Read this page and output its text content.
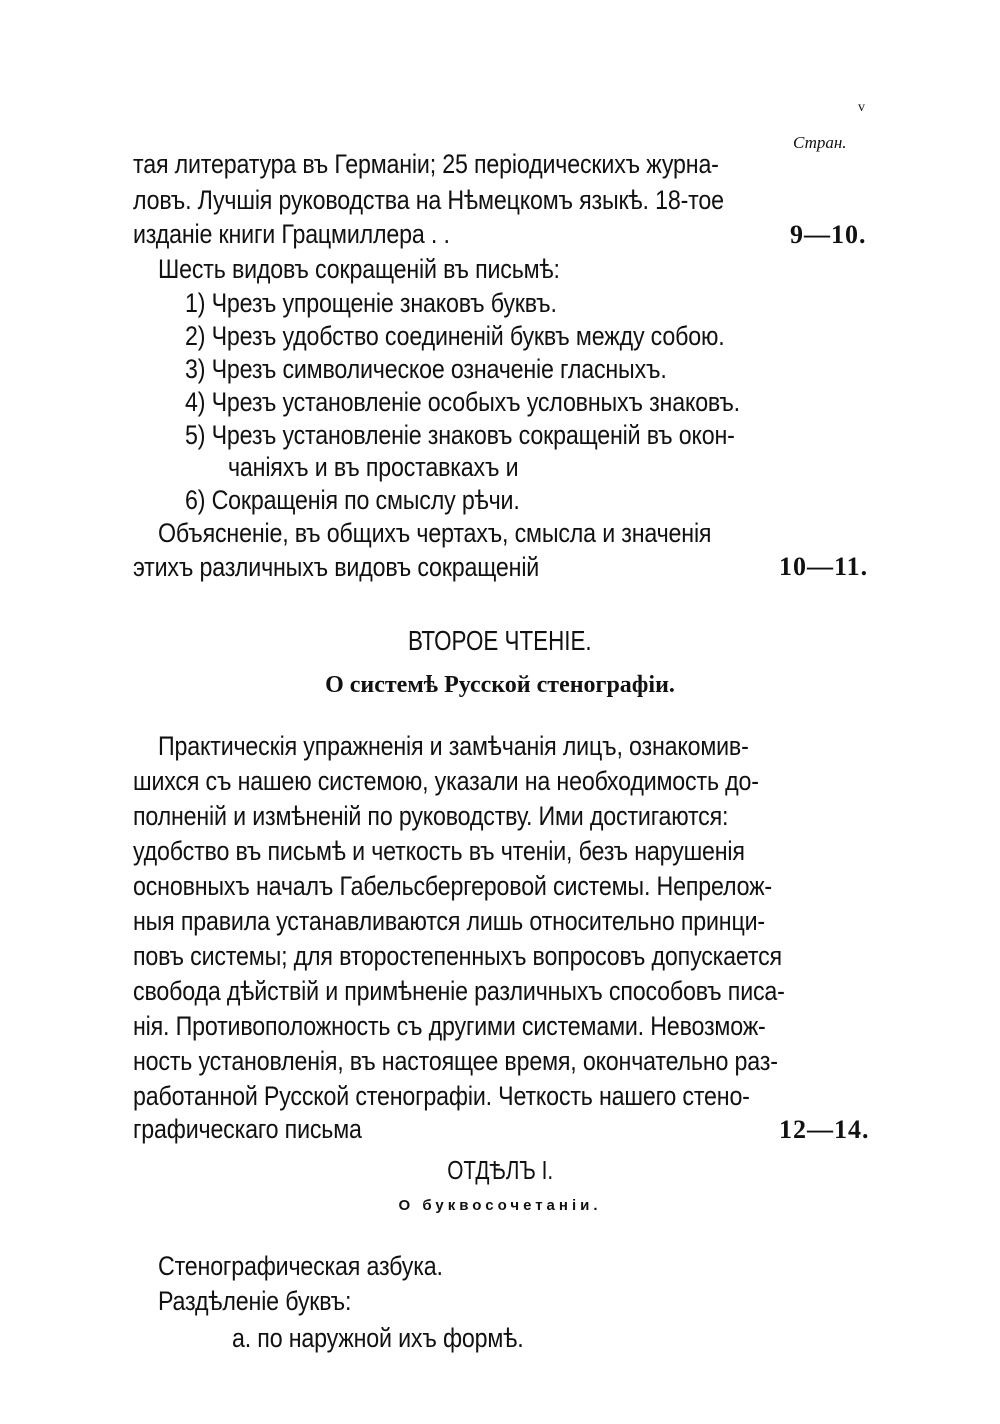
v
Стран.
тая литература въ Германіи; 25 періодическихъ журна-
ловъ. Лучшія руководства на Нѣмецкомъ языкѣ. 18-тое
изданіе книги Грацмиллера . .	9—10.
Шесть видовъ сокращеній въ письмѣ:
1) Чрезъ упрощеніе знаковъ буквъ.
2) Чрезъ удобство соединеній буквъ между собою.
3) Чрезъ символическое означеніе гласныхъ.
4) Чрезъ установленіе особыхъ условныхъ знаковъ.
5) Чрезъ установленіе знаковъ сокращеній въ окон-
чаніяхъ и въ проставкахъ и
6) Сокращенія по смыслу рѣчи.
Объясненіе, въ общихъ чертахъ, смысла и значенія
этихъ различныхъ видовъ сокращеній	10—11.
ВТОРОЕ ЧТЕНІЕ.
О системѣ Русской стенографіи.
Практическія упражненія и замѣчанія лицъ, ознакомив-
шихся съ нашею системою, указали на необходимость до-
полненій и измѣненій по руководству. Ими достигаются:
удобство въ письмѣ и четкость въ чтеніи, безъ нарушенія
основныхъ началъ Габельсбергеровой системы. Непрелож-
ныя правила устанавливаются лишь относительно принци-
повъ системы; для второстепенныхъ вопросовъ допускается
свобода дѣйствій и примѣненіе различныхъ способовъ писа-
нія. Противоположность съ другими системами. Невозмож-
ность установленія, въ настоящее время, окончательно раз-
работанной Русской стенографіи. Четкость нашего стено-
графическаго письма	12—14.
ОТДѢЛЪ I.
О буквосочетаніи.
Стенографическая азбука.
Раздѣленіе буквъ:
а. по наружной ихъ формѣ.
